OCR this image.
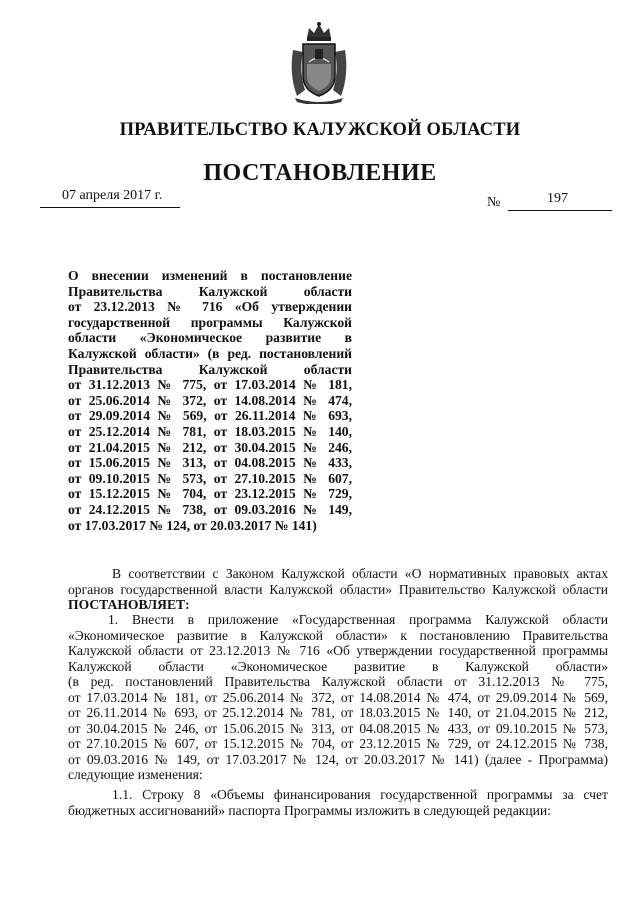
ПРАВИТЕЛЬСТВО КАЛУЖСКОЙ ОБЛАСТИ
ПОСТАНОВЛЕНИЕ
07 апреля 2017 г.	№	197

О внесении изменений в постановление
Правительства Калужской области
от 23.12.2013 № 716 «Об утверждении
государственной программы Калужской
области «Экономическое развитие в
Калужской области» (в ред. постановлений
Правительства Калужской области
от 31.12.2013 № 775, от 17.03.2014 № 181,
от 25.06.2014 № 372, от 14.08.2014 № 474,
от 29.09.2014 № 569, от 26.11.2014 № 693,
от 25.12.2014 № 781, от 18.03.2015 № 140,
от 21.04.2015 № 212, от 30.04.2015 № 246,
от 15.06.2015 № 313, от 04.08.2015 № 433,
от 09.10.2015 № 573, от 27.10.2015 № 607,
от 15.12.2015 № 704, от 23.12.2015 № 729,
от 24.12.2015 № 738, от 09.03.2016 № 149,
от 17.03.2017 № 124, от 20.03.2017 № 141)

В соответствии с Законом Калужской области «О нормативных правовых актах
органов государственной власти Калужской области» Правительство Калужской области

ПОСТАНОВЛЯЕТ:

1. Внести в приложение «Государственная программа Калужской области
«Экономическое развитие в Калужской области» к постановлению Правительства
Калужской области от 23.12.2013 № 716 «Об утверждении государственной программы
Калужской области «Экономическое развитие в Калужской области»
(в ред. постановлений Правительства Калужской области от 31.12.2013 № 775,
от 17.03.2014 № 181, от 25.06.2014 № 372, от 14.08.2014 № 474, от 29.09.2014 № 569,
от 26.11.2014 № 693, от 25.12.2014 № 781, от 18.03.2015 № 140, от 21.04.2015 № 212,
от 30.04.2015 № 246, от 15.06.2015 № 313, от 04.08.2015 № 433, от 09.10.2015 № 573,
от 27.10.2015 № 607, от 15.12.2015 № 704, от 23.12.2015 № 729, от 24.12.2015 № 738,
от 09.03.2016 № 149, от 17.03.2017 № 124, от 20.03.2017 № 141) (далее - Программа)
следующие изменения:

1.1. Строку 8 «Объемы финансирования государственной программы за счет
бюджетных ассигнований» паспорта Программы изложить в следующей редакции:
